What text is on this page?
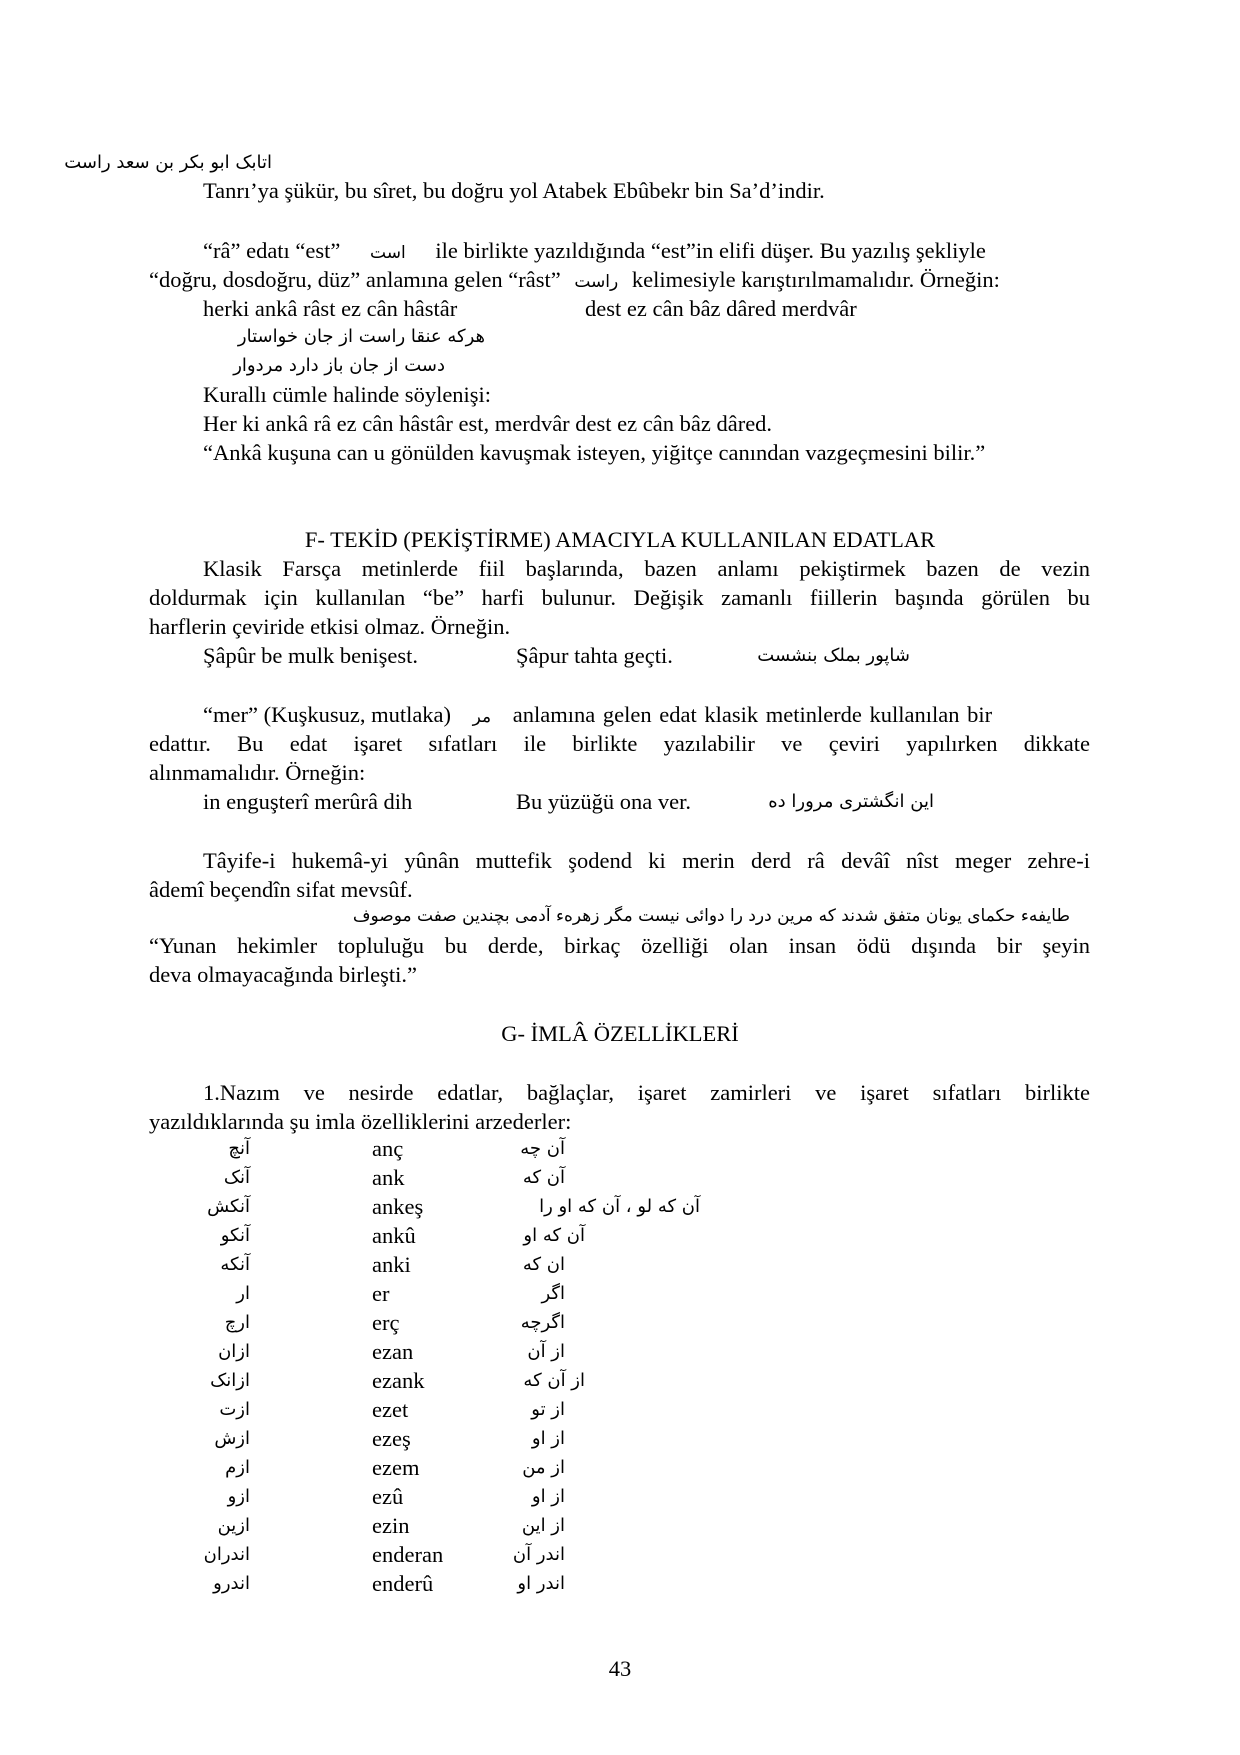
اتابک ابو بکر بن سعد راست
Tanrı’ya şükür, bu sîret, bu doğru yol Atabek Ebûbekr bin Sa’d’indir.
“râ” edatı “est” است ile birlikte yazıldığında “est”in elifi düşer. Bu yazılış şekliyle
“doğru, dosdoğru, düz” anlamına gelen “râst” راست kelimesiyle karıştırılmamalıdır. Örneğin:
herki ankâ râst ez cân hâstâr	dest ez cân bâz dâred merdvâr
هرکه عنقا راست از جان خواستار
دست از جان باز دارد مردوار
Kurallı cümle halinde söylenişi:
Her ki ankâ râ ez cân hâstâr est, merdvâr dest ez cân bâz dâred.
“Ankâ kuşuna can u gönülden kavuşmak isteyen, yiğitçe canından vazgeçmesini bilir.”
F- TEKİD (PEKİŞTİRME) AMACIYLA KULLANILAN EDATLAR
Klasik Farsça metinlerde fiil başlarında, bazen anlamı pekiştirmek bazen de vezin
doldurmak için kullanılan “be” harfi bulunur. Değişik zamanlı fiillerin başında görülen bu
harflerin çeviride etkisi olmaz. Örneğin.
Şâpûr be mulk benişest.	Şâpur tahta geçti.	شاپور بملک بنشست
“mer” (Kuşkusuz, mutlaka) مر anlamına gelen edat klasik metinlerde kullanılan bir
edattır. Bu edat işaret sıfatları ile birlikte yazılabilir ve çeviri yapılırken dikkate
alınmamalıdır. Örneğin:
in enguşterî merûrâ dih	Bu yüzüğü ona ver.	این انگشتری مرورا ده
Tâyife-i hukemâ-yi yûnân muttefik şodend ki merin derd râ devâî nîst meger zehre-i
âdemî beçendîn sifat mevsûf.
طایفهء حکمای یونان متفق شدند که مرین درد را دوائی نیست مگر زهرهء آدمی بچندین صفت موصوف
“Yunan hekimler topluluğu bu derde, birkaç özelliği olan insan ödü dışında bir şeyin
deva olmayacağında birleşti.”
G- İMLÂ ÖZELLİKLERİ
1.Nazım ve nesirde edatlar, bağlaçlar, işaret zamirleri ve işaret sıfatları birlikte
yazıldıklarında şu imla özelliklerini arzederler:
آنچ	anç	آن چه
آنک	ank	آن که
آنکش	ankeş	آن که لو ، آن که او را
آنکو	ankû	آن که او
آنکه	anki	ان که
ار	er	اگر
ارچ	erç	اگرچه
ازان	ezan	از آن
ازانک	ezank	از آن که
ازت	ezet	از تو
ازش	ezeş	از او
ازم	ezem	از من
ازو	ezû	از او
ازین	ezin	از این
اندران	enderan	اندر آن
اندرو	enderû	اندر او
43
